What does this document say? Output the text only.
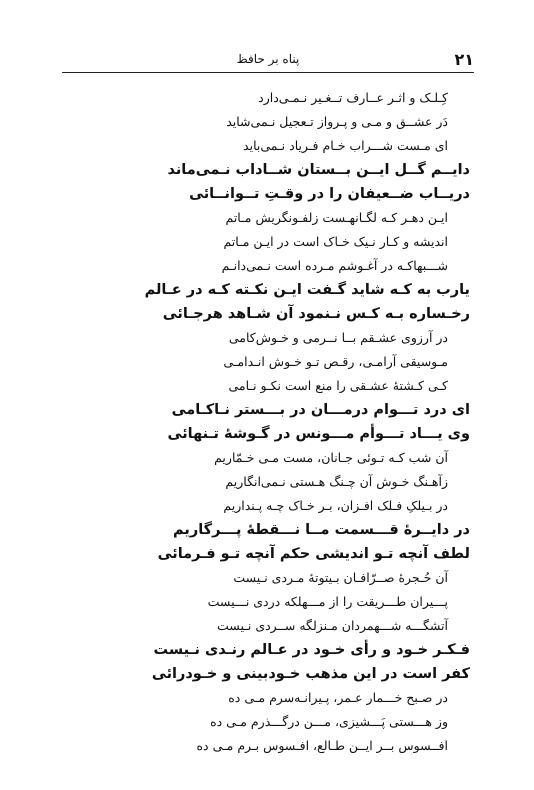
۲۱
پناه بر حافظ
کِـلـک و اثـر عــارف تــغـیر نـمـی‌دارد
دَر عشــق و مـی و پـرواز تـعجیل نـمی‌شاید
ای مـست شـــراب خـام فـریاد نـمی‌باید
دایــم گــل ایــن بــستان شــاداب نـمی‌ماند
دریــاب ضــعیفان را در وقـتِ تــوانــائی
ایـن دهـر کـه لگـانهـست زلفـونگریش مـاتم
اندیشه و کـار نـیک خـاک است در ایـن مـاتم
شـــبهاکـه در آغـوشم مـرده است نـمی‌دانـم
یارب به کـه شاید گـفت ایـن نکـته کـه در عـالم
رخـساره بـه کـس نـنمود آن شـاهد هرجـائی
در آرزوی عشـقم بــا نــرمی و خـوش‌کامی
مـوسیقی آرامـی، رقـص تـو خـوش انـدامـی
کـی کـشتهٔ عشـقی را منع است نکـو نـامی
ای درد تـــوام درمـــان در بـــستر نـاکـامی
وی یـــاد تـــوأم مـــونس در گـوشهٔ تـنهائی
آن شب کـه تـوئی جـانان، مست مـی خـمّاریم
زآهـنگ خـوش آن چـنگ هـستی نـمی‌انگاریم
در بـیلکِ فـلک افـزان، بـر خـاک چـه پـنداریم
در دایــرهٔ قـــسمت مــا نـــقطهٔ پـــرگاریم
لطف آنچه تـو اندیشی حکم آنچه تـو فـرمائی
آن حُـجرهٔ صــرّافـان بـیتوتهٔ مـردی نـیست
پـــیران طـــریقت را از مـــهلکه دردی نـــیست
آتشگـــه شـــهمردان مـنزلگه ســردی نـیست
فـکـر خـود و رأی خـود در عـالم رنـدی نـیست
کفر است در این مذهب خـودبینی و خـودرائی
در صـبح خـــمار عـمر، پـیرانـه‌سرم مـی ده
وز هـــستی پَـــشیزی، مـــن درگـــذرم مـی ده
افــسوس بــر ایــن طـالع، افـسوس بـرم مـی ده
